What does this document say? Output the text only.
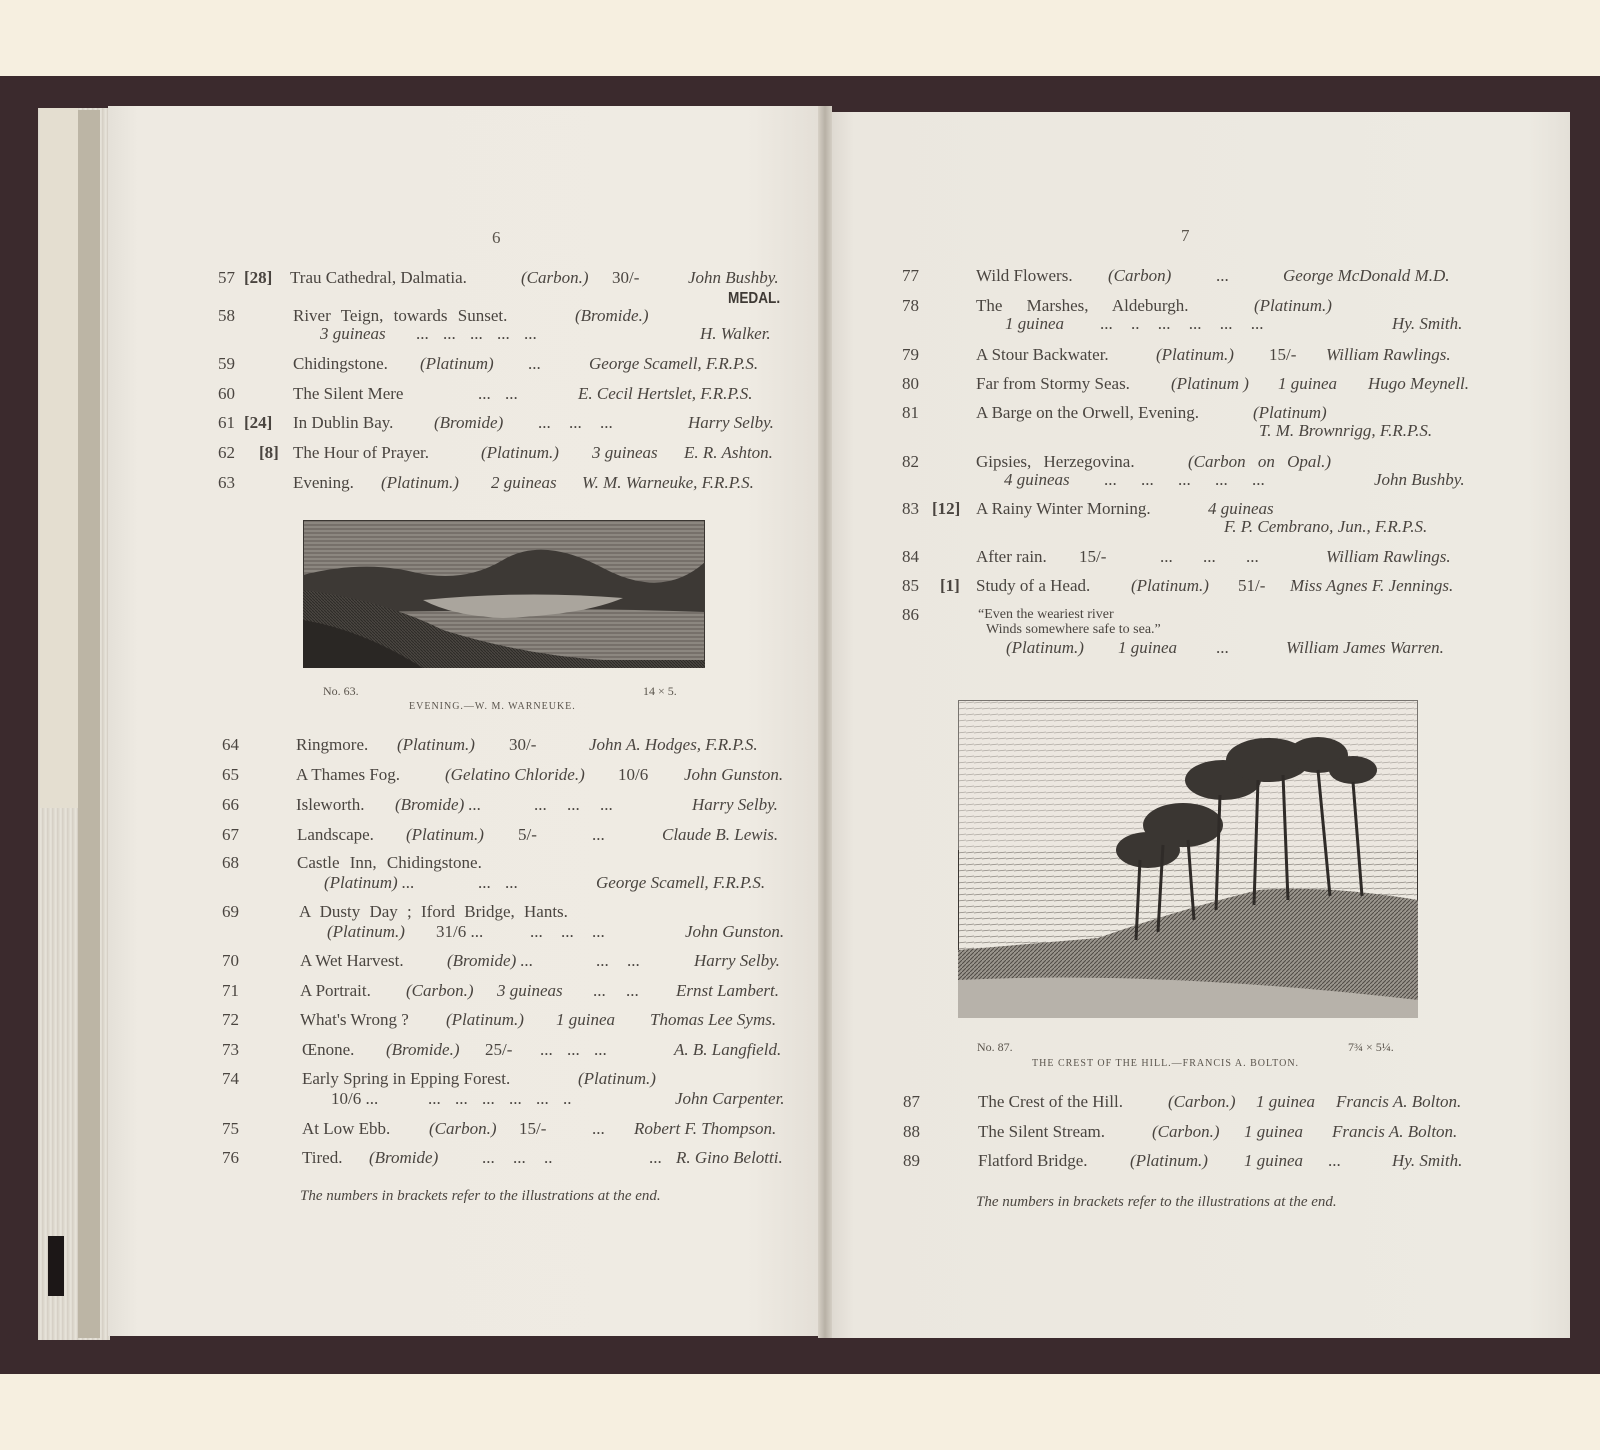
6
57 [28] Trau Cathedral, Dalmatia.	(Carbon.) 30/-	John Bushby.
MEDAL.
58	River Teign, towards Sunset.	(Bromide.)
3 guineas ... ... ... ... ...	H. Walker.
59	Chidingstone. (Platinum) ...	George Scamell, F.R.P.S.
60	The Silent Mere	... ...	E. Cecil Hertslet, F.R.P.S.
61 [24] In Dublin Bay. (Bromide) ... ... ...	Harry Selby.
62 [8] The Hour of Prayer.	(Platinum.) 3 guineas E. R. Ashton.
63	Evening. (Platinum.) 2 guineas W. M. Warneuke, F.R.P.S.
No. 63.	14 × 5.
EVENING.—W. M. WARNEUKE.
64	Ringmore. (Platinum.) 30/-	John A. Hodges, F.R.P.S.
65	A Thames Fog.	(Gelatino Chloride.) 10/6 John Gunston.
66	Isleworth. (Bromide) ...	... ... ...	Harry Selby.
67	Landscape. (Platinum.) 5/-	...	Claude B. Lewis.
68	Castle Inn, Chidingstone.
(Platinum) ...	... ...	George Scamell, F.R.P.S.
69	A Dusty Day ; Iford Bridge, Hants.
(Platinum.) 31/6 ...	... ... ...	John Gunston.
70	A Wet Harvest.	(Bromide) ...	... ...	Harry Selby.
71	A Portrait. (Carbon.) 3 guineas ... ... Ernst Lambert.
72	What's Wrong ? (Platinum.) 1 guinea Thomas Lee Syms.
73	Œnone. (Bromide.) 25/- ... ... ...	A. B. Langfield.
74	Early Spring in Epping Forest.	(Platinum.)
10/6 ...	... ... ... ... ... ..	John Carpenter.
75	At Low Ebb. (Carbon.) 15/-	... Robert F. Thompson.
76	Tired. (Bromide)	... ... ..	... R. Gino Belotti.
The numbers in brackets refer to the illustrations at the end.
7
77	Wild Flowers. (Carbon)	...	George McDonald M.D.
78	The Marshes, Aldeburgh.	(Platinum.)
1 guinea ... .. ... ... ... ...	Hy. Smith.
79	A Stour Backwater.	(Platinum.) 15/- William Rawlings.
80	Far from Stormy Seas. (Platinum ) 1 guinea Hugo Meynell.
81	A Barge on the Orwell, Evening.	(Platinum)
T. M. Brownrigg, F.R.P.S.
82	Gipsies, Herzegovina.	(Carbon on Opal.)
4 guineas ... ... ... ... ...	John Bushby.
83 [12] A Rainy Winter Morning.	4 guineas
F. P. Cembrano, Jun., F.R.P.S.
84	After rain. 15/-	... ... ...	William Rawlings.
85 [1] Study of a Head. (Platinum.) 51/- Miss Agnes F. Jennings.
86	“Even the weariest river
Winds somewhere safe to sea.”
(Platinum.) 1 guinea ...	William James Warren.
No. 87.	7¾ × 5¼.
THE CREST OF THE HILL.—FRANCIS A. BOLTON.
87	The Crest of the Hill.	(Carbon.) 1 guinea Francis A. Bolton.
88	The Silent Stream.	(Carbon.) 1 guinea Francis A. Bolton.
89	Flatford Bridge. (Platinum.) 1 guinea ...	Hy. Smith.
The numbers in brackets refer to the illustrations at the end.
